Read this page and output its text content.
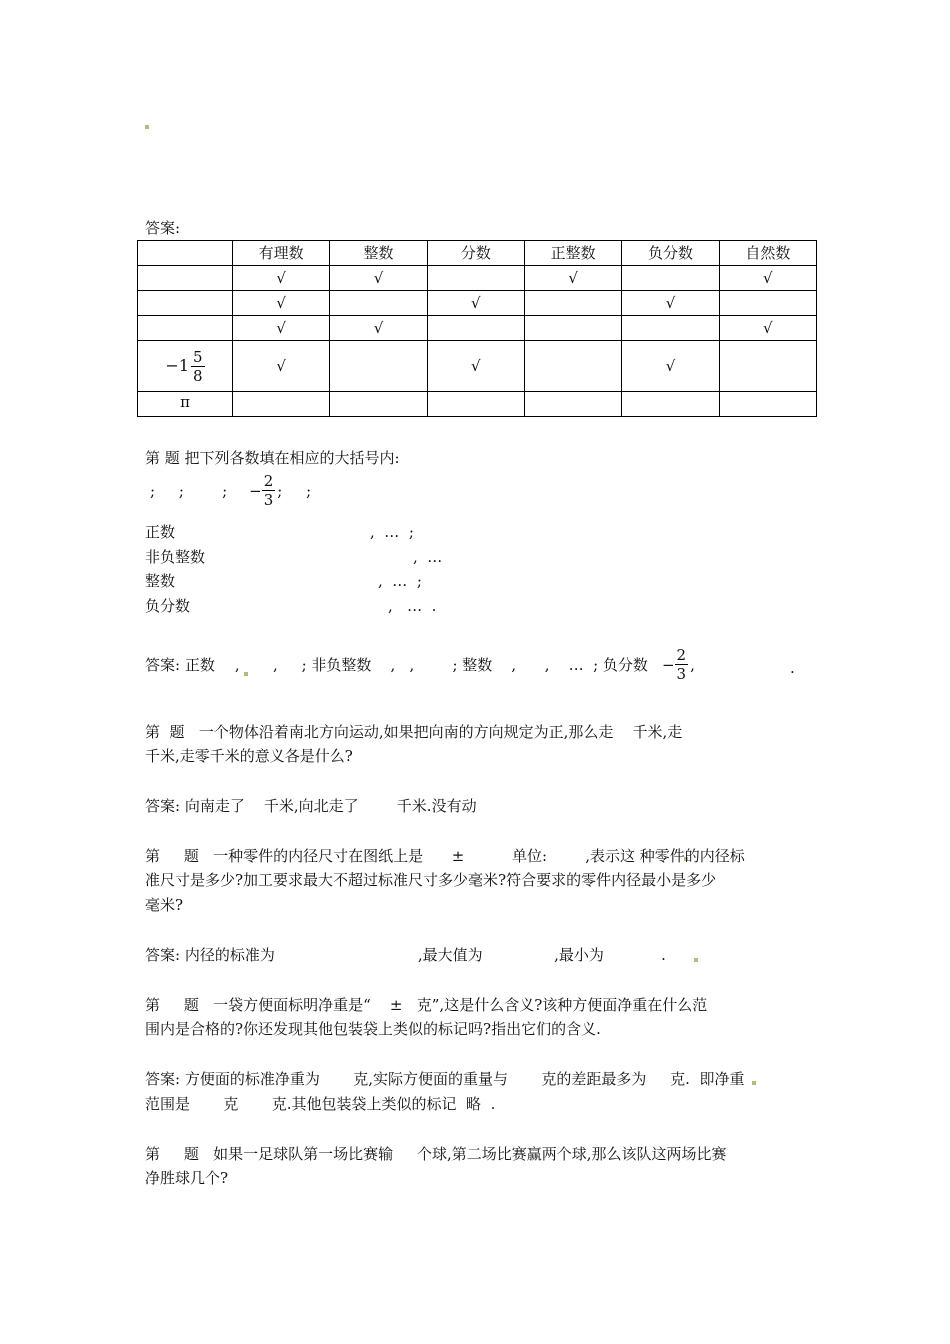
答案:
	有理数	整数	分数	正整数	负分数	自然数
	√	√		√		√
	√		√		√	
	√	√				√

$-1 \frac{5}{8}$	√		√		√	
π						
第 题 把下列各数填在相应的大括号内:
;     ;        ; − $\frac{2}{3}$ ;     ;
正数	,  …  ;
非负整数	,  …
整数	,  …  ;
负分数	,   …  .
答案: 正数 ,       ,     ; 非负整数    ,   ,        ; 整数    ,      ,    …  ; 负分数 − $\frac{2}{3}$ ,	.
第  题   一个物体沿着南北方向运动,如果把向南的方向规定为正,那么走    千米,走
千米,走零千米的意义各是什么?
答案: 向南走了    千米,向北走了        千米.没有动
第     题   一种零件的内径尺寸在图纸上是      ±          单位:        ,表示这 种零件的内径标
准尺寸是多少?加工要求最大不超过标准尺寸多少毫米?符合要求的零件内径最小是多少
毫米?
答案: 内径的标准为                              ,最大值为               ,最小为            .
第     题   一袋方便面标明净重是“    ±   克”,这是什么含义?该种方便面净重在什么范
围内是合格的?你还发现其他包装袋上类似的标记吗?指出它们的含义.
答案: 方便面的标准净重为       克,实际方便面的重量与       克的差距最多为     克.  即净重
范围是       克       克.其他包装袋上类似的标记  略  .
第     题   如果一足球队第一场比赛输     个球,第二场比赛赢两个球,那么该队这两场比赛
净胜球几个?
